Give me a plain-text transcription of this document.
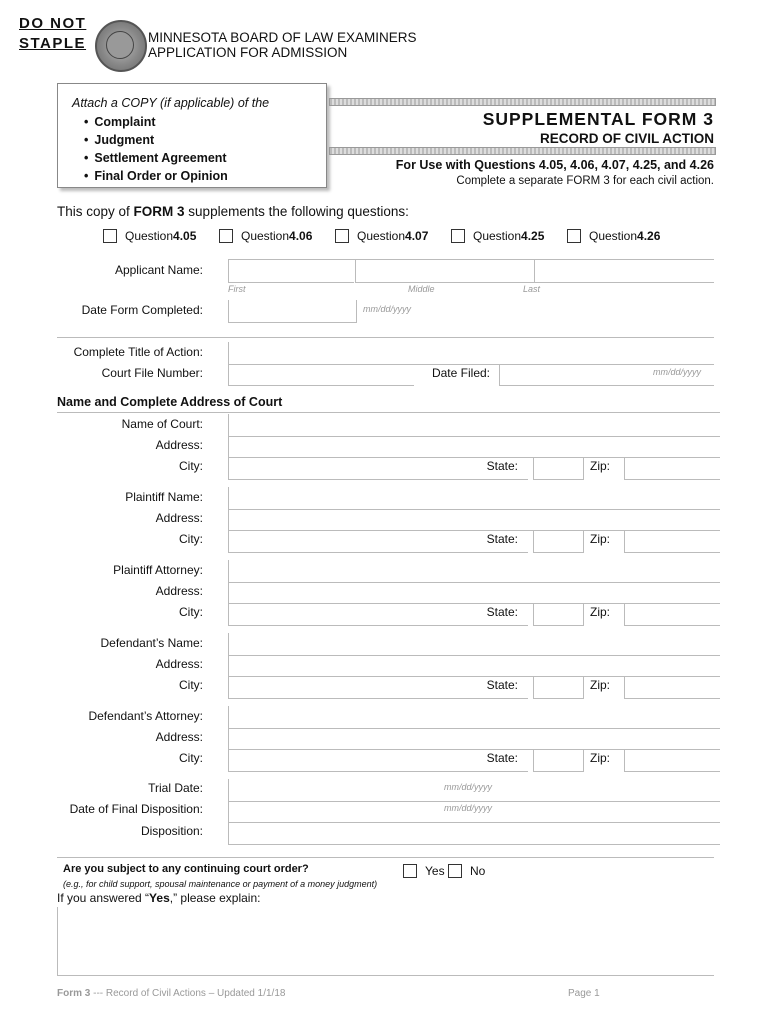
DO NOT
STAPLE	MINNESOTA BOARD OF LAW EXAMINERS
APPLICATION FOR ADMISSION
Attach a COPY (if applicable) of the
• Complaint
• Judgment
• Settlement Agreement
• Final Order or Opinion
SUPPLEMENTAL FORM 3
RECORD OF CIVIL ACTION
For Use with Questions 4.05, 4.06, 4.07, 4.25, and 4.26
Complete a separate FORM 3 for each civil action.
This copy of FORM 3 supplements the following questions:
Question 4.05	Question 4.06	Question 4.07	Question 4.25	Question 4.26
Applicant Name:
First	Middle	Last
Date Form Completed:	mm/dd/yyyy
Complete Title of Action:
Court File Number:	Date Filed:	mm/dd/yyyy
Name and Complete Address of Court
Name of Court:
Address:
City:	State:	Zip:
Plaintiff Name:
Address:
City:	State:	Zip:
Plaintiff Attorney:
Address:
City:	State:	Zip:
Defendant’s Name:
Address:
City:	State:	Zip:
Defendant’s Attorney:
Address:
City:	State:	Zip:
Trial Date:	mm/dd/yyyy
Date of Final Disposition:	mm/dd/yyyy
Disposition:
Are you subject to any continuing court order?
(e.g., for child support, spousal maintenance or payment of a money judgment)
Yes No
If you answered “Yes,” please explain:
Form 3 --- Record of Civil Actions – Updated 1/1/18	Page 1
